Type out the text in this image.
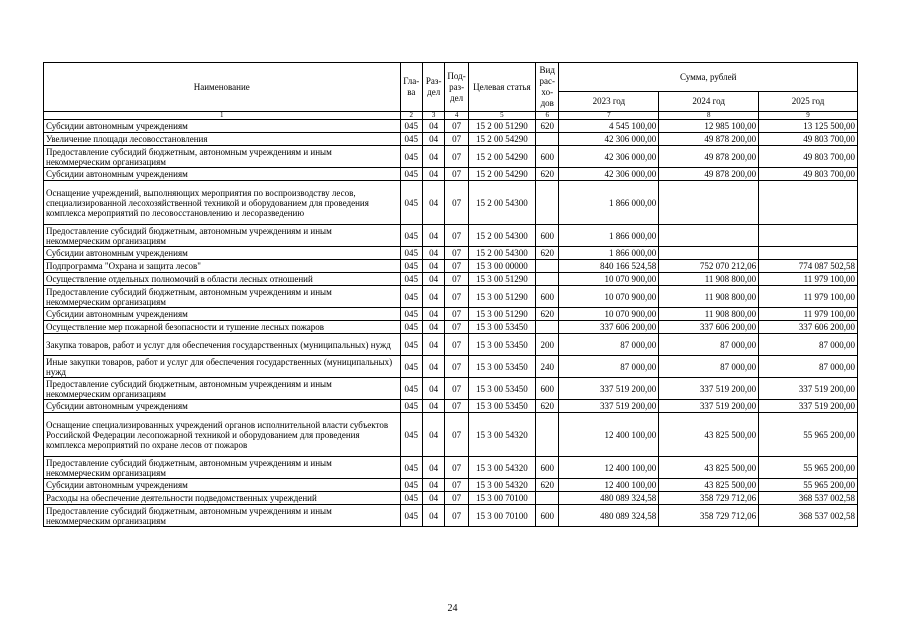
Наименование	Гла-ва	Раз-дел	Под-раз-дел	Целевая статья	Вид рас-хо-дов	Сумма, рублей		
						2023 год	2024 год	2025 год
1	2	3	4	5	6	7	8	9
Субсидии автономным учреждениям	045	04	07	15 2 00 51290	620	4 545 100,00	12 985 100,00	13 125 500,00
Увеличение площади лесовосстановления	045	04	07	15 2 00 54290		42 306 000,00	49 878 200,00	49 803 700,00
Предоставление субсидий бюджетным, автономным учреждениям и иным некоммерческим организациям	045	04	07	15 2 00 54290	600	42 306 000,00	49 878 200,00	49 803 700,00
Субсидии автономным учреждениям	045	04	07	15 2 00 54290	620	42 306 000,00	49 878 200,00	49 803 700,00
Оснащение учреждений, выполняющих мероприятия по воспроизводству лесов, специализированной лесохозяйственной техникой и оборудованием для проведения комплекса мероприятий по лесовосстановлению и лесоразведению	045	04	07	15 2 00 54300		1 866 000,00		
Предоставление субсидий бюджетным, автономным учреждениям и иным некоммерческим организациям	045	04	07	15 2 00 54300	600	1 866 000,00		
Субсидии автономным учреждениям	045	04	07	15 2 00 54300	620	1 866 000,00		
Подпрограмма "Охрана и защита лесов"	045	04	07	15 3 00 00000		840 166 524,58	752 070 212,06	774 087 502,58
Осуществление отдельных полномочий в области лесных отношений	045	04	07	15 3 00 51290		10 070 900,00	11 908 800,00	11 979 100,00
Предоставление субсидий бюджетным, автономным учреждениям и иным некоммерческим организациям	045	04	07	15 3 00 51290	600	10 070 900,00	11 908 800,00	11 979 100,00
Субсидии автономным учреждениям	045	04	07	15 3 00 51290	620	10 070 900,00	11 908 800,00	11 979 100,00
Осуществление мер пожарной безопасности и тушение лесных пожаров	045	04	07	15 3 00 53450		337 606 200,00	337 606 200,00	337 606 200,00
Закупка товаров, работ и услуг для обеспечения государственных (муниципальных) нужд	045	04	07	15 3 00 53450	200	87 000,00	87 000,00	87 000,00
Иные закупки товаров, работ и услуг для обеспечения государственных (муниципальных) нужд	045	04	07	15 3 00 53450	240	87 000,00	87 000,00	87 000,00
Предоставление субсидий бюджетным, автономным учреждениям и иным некоммерческим организациям	045	04	07	15 3 00 53450	600	337 519 200,00	337 519 200,00	337 519 200,00
Субсидии автономным учреждениям	045	04	07	15 3 00 53450	620	337 519 200,00	337 519 200,00	337 519 200,00
Оснащение специализированных учреждений органов исполнительной власти субъектов Российской Федерации лесопожарной техникой и оборудованием для проведения комплекса мероприятий по охране лесов от пожаров	045	04	07	15 3 00 54320		12 400 100,00	43 825 500,00	55 965 200,00
Предоставление субсидий бюджетным, автономным учреждениям и иным некоммерческим организациям	045	04	07	15 3 00 54320	600	12 400 100,00	43 825 500,00	55 965 200,00
Субсидии автономным учреждениям	045	04	07	15 3 00 54320	620	12 400 100,00	43 825 500,00	55 965 200,00
Расходы на обеспечение деятельности подведомственных учреждений	045	04	07	15 3 00 70100		480 089 324,58	358 729 712,06	368 537 002,58
Предоставление субсидий бюджетным, автономным учреждениям и иным некоммерческим организациям	045	04	07	15 3 00 70100	600	480 089 324,58	358 729 712,06	368 537 002,58
24
